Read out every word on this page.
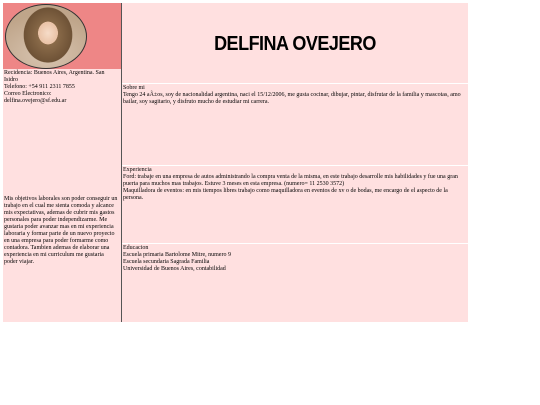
Recidencia: Buenos Aires, Argentina. San Isidro

Telefono: +54 911 2311 7855

Correo Electronico:

delfina.ovejero@sf.edu.ar

Mis objetivos laborales son poder conseguir un trabajo en el cual me sienta comoda y alcance mis expectativas, ademas de cubrir mis gastos personales para poder independizarme. Me gustaria poder avanzar mas en mi experiencia laboraria y formar parte de un nuevo proyecto en una empresa para poder formarme como contadora. Tambien ademas de elaborar una experiencia en mi curriculum me gustaria poder viajar.

DELFINA OVEJERO

Sobre mi

Tengo 24 aÃ±os, soy de nacionalidad argentina, naci el 15/12/2006, me gusta cocinar, dibujar, pintar, disfrutar de la familia y mascotas, amo bailar, soy sagitario, y disfruto mucho de estudiar mi carrera.

Experiencia

Ford: trabaje en una empresa de autos administrando la compra venta de la misma, en este trabajo desarrolle mis habilidades y fue una gran puerta para muchos mas trabajos. Estuve 3 meses en esta empresa. (numero= 11 2530 3572)

Maquilladora de eventos: en mis tiempos libres trabajo como maquilladora en eventos de xv o de bodas, me encargo de el aspecto de la persona.

Educacion

Escuela primaria Bartolome Mitre, numero 9

Escuela secundaria Sagrada Familia

Universidad de Buenos Aires, contabilidad
